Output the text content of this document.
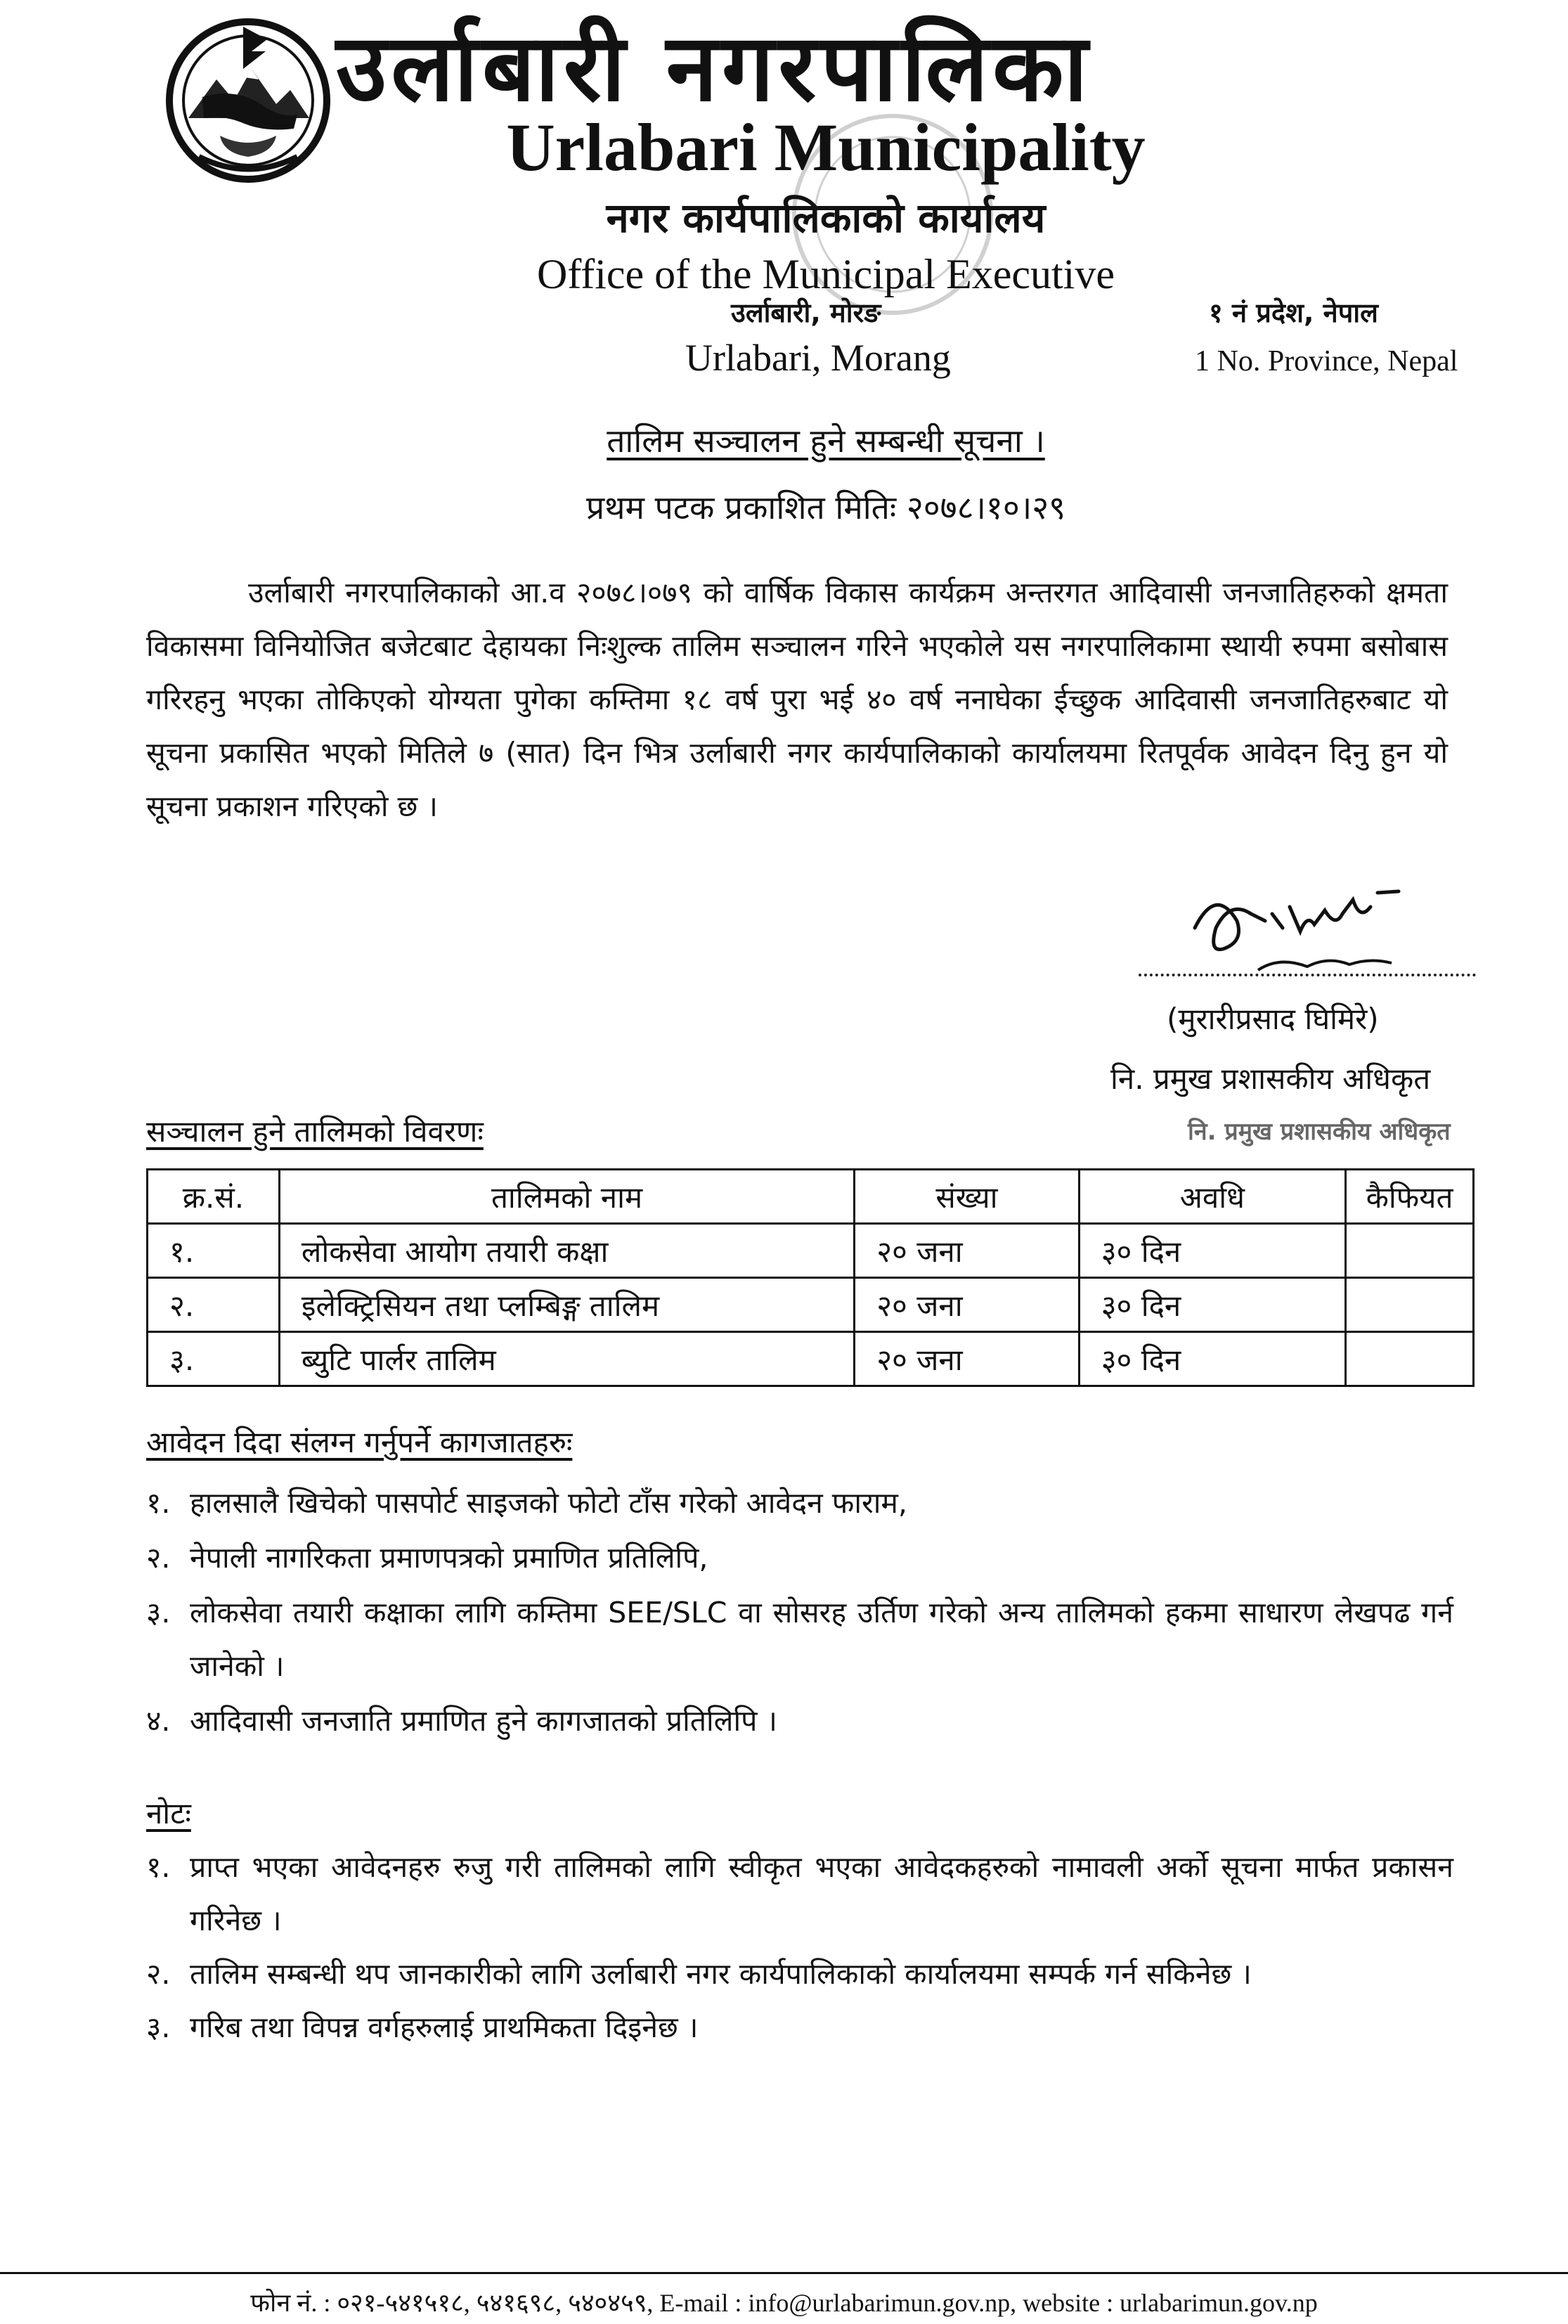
उर्लाबारी नगरपालिका
Urlabari Municipality
नगर कार्यपालिकाको कार्यालय
Office of the Municipal Executive
उर्लाबारी, मोरङ
Urlabari, Morang
१ नं प्रदेश, नेपाल
1 No. Province, Nepal
तालिम सञ्चालन हुने सम्बन्धी सूचना ।
प्रथम पटक प्रकाशित मितिः २०७८।१०।२९
उर्लाबारी नगरपालिकाको आ.व २०७८।०७९ को वार्षिक विकास कार्यक्रम अन्तरगत आदिवासी जनजातिहरुको क्षमता विकासमा विनियोजित बजेटबाट देहायका निःशुल्क तालिम सञ्चालन गरिने भएकोले यस नगरपालिकामा स्थायी रुपमा बसोबास गरिरहनु भएका तोकिएको योग्यता पुगेका कम्तिमा १८ वर्ष पुरा भई ४० वर्ष ननाघेका ईच्छुक आदिवासी जनजातिहरुबाट यो सूचना प्रकासित भएको मितिले ७ (सात) दिन भित्र उर्लाबारी नगर कार्यपालिकाको कार्यालयमा रितपूर्वक आवेदन दिनु हुन यो सूचना प्रकाशन गरिएको छ ।
(मुरारीप्रसाद घिमिरे)
नि. प्रमुख प्रशासकीय अधिकृत
नि. प्रमुख प्रशासकीय अधिकृत
सञ्चालन हुने तालिमको विवरणः
क्र.सं.	तालिमको नाम	संख्या	अवधि	कैफियत
१.	लोकसेवा आयोग तयारी कक्षा	२० जना	३० दिन	
२.	इलेक्ट्रिसियन तथा प्लम्बिङ्ग तालिम	२० जना	३० दिन	
३.	ब्युटि पार्लर तालिम	२० जना	३० दिन	
आवेदन दिदा संलग्न गर्नुपर्ने कागजातहरुः
१. हालसालै खिचेको पासपोर्ट साइजको फोटो टाँस गरेको आवेदन फाराम,
२. नेपाली नागरिकता प्रमाणपत्रको प्रमाणित प्रतिलिपि,
३. लोकसेवा तयारी कक्षाका लागि कम्तिमा SEE/SLC वा सोसरह उर्तिण गरेको अन्य तालिमको हकमा साधारण लेखपढ गर्न जानेको ।
४. आदिवासी जनजाति प्रमाणित हुने कागजातको प्रतिलिपि ।
नोटः
१. प्राप्त भएका आवेदनहरु रुजु गरी तालिमको लागि स्वीकृत भएका आवेदकहरुको नामावली अर्को सूचना मार्फत प्रकासन गरिनेछ ।
२. तालिम सम्बन्धी थप जानकारीको लागि उर्लाबारी नगर कार्यपालिकाको कार्यालयमा सम्पर्क गर्न सकिनेछ ।
३. गरिब तथा विपन्न वर्गहरुलाई प्राथमिकता दिइनेछ ।
फोन नं. : ०२१-५४१५१८, ५४१६९८, ५४०४५९, E-mail : info@urlabarimun.gov.np, website : urlabarimun.gov.np
